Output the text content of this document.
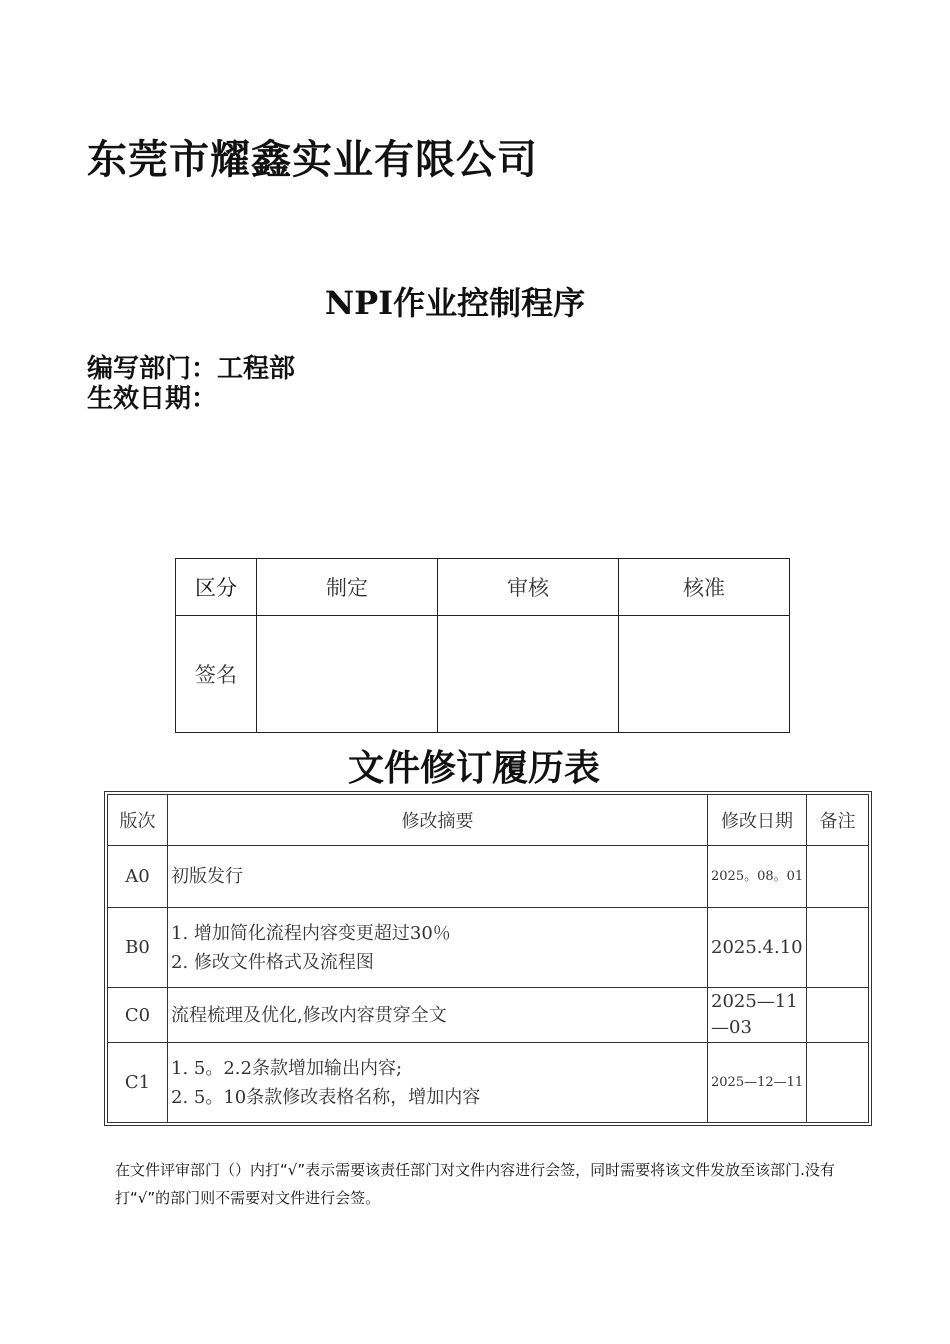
东莞市耀鑫实业有限公司
NPI作业控制程序
编写部门：工程部
生效日期：
区分	制定	审核	核准
签名			
文件修订履历表
版次	修改摘要	修改日期	备注
A0	初版发行	2025。08。01	
B0	1. 增加简化流程内容变更超过30％
2. 修改文件格式及流程图	2025.4.10	
C0	流程梳理及优化,修改内容贯穿全文	2025—11—03	
C1	1. 5。2.2条款增加输出内容;
2. 5。10条款修改表格名称，增加内容	2025—12—11	
在文件评审部门（）内打“√”表示需要该责任部门对文件内容进行会签，同时需要将该文件发放至该部门.没有打“√”的部门则不需要对文件进行会签。
